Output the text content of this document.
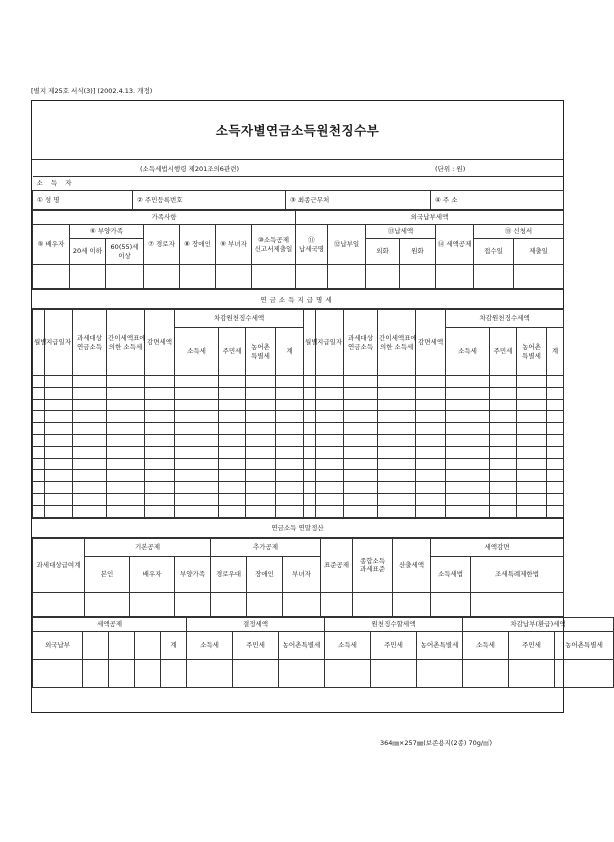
[별지 제25호 서식(3)] (2002.4.13. 개정)
소득자별연금소득원천징수부
(소득세법시행령 제201조의6관련)	(단위 : 원)
소 득 자
① 성 명	② 주민등록번호	③ 최종근무처	④ 주 소
가족사항							외국납부세액						
⑤ 배우자	⑥ 부양가족		⑦ 경로자	⑧ 장애인	⑨ 부녀자	⑩소득공제 신고서제출일	⑪ 납세국명	⑫납부일	⑬납세액		⑭ 세액공제	⑮ 신청서	
	20세 이하	60(55)세 이상							외화	원화		접수일	제출일

연금소득지급명세
월별	지급일자	과세대상 연금소득	간이세액표에 의한 소득세	감면세액	차감원천징수세액				월별	지급일자	과세대상 연금소득	간이세액표에 의한 소득세	감면세액	차감원천징수세액			
					소득세	주민세	농어촌 특별세	계						소득세	주민세	농어촌 특별세	계

연금소득 연말정산
과세대상급여계	기본공제			추가공제			표준공제	종합소득 과세표준	산출세액	세액감면	
	본인	배우자	부양가족	경로우대	장애인	부녀자				소득세법	조세특례제한법

세액공제					결정세액			원천징수할세액			차감납부(환급)세액		
외국납부				계	소득세	주민세	농어촌특별세	소득세	주민세	농어촌특별세	소득세	주민세	농어촌특별세

364㎜×257㎜(보존용지(2종) 70g/㎡)
